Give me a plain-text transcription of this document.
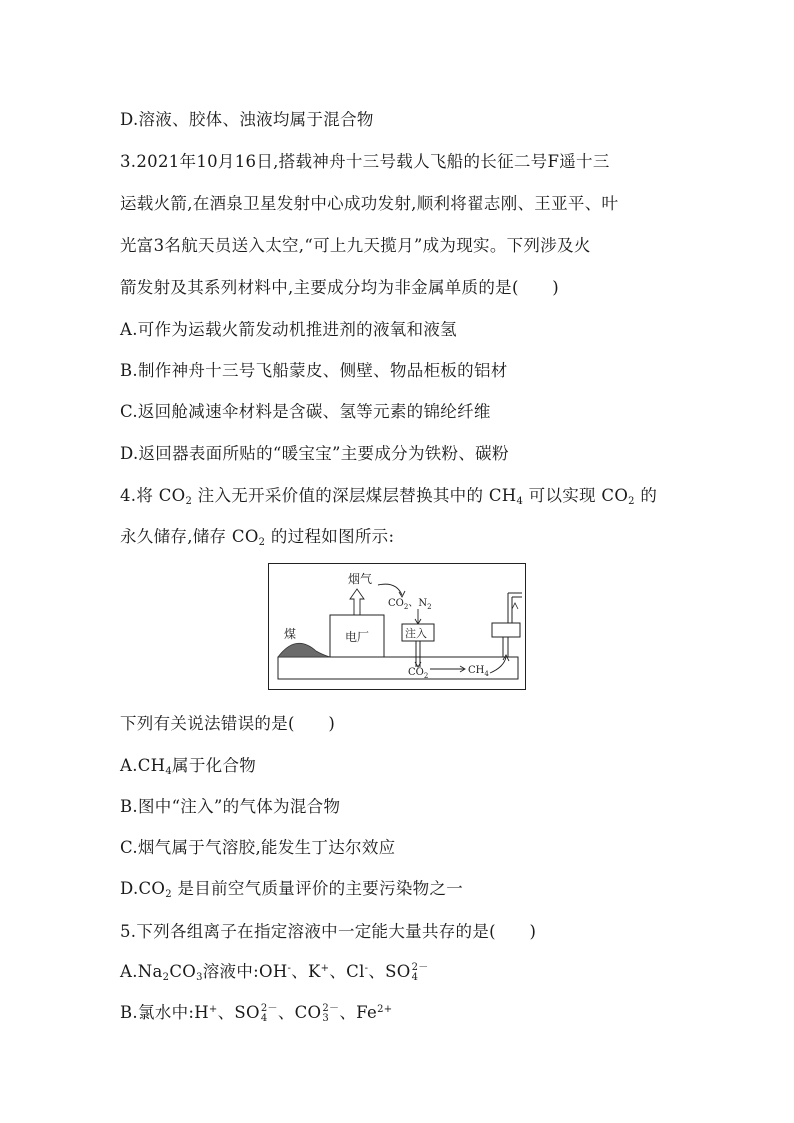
D.溶液、胶体、浊液均属于混合物
3.2021年10月16日,搭载神舟十三号载人飞船的长征二号F遥十三
运载火箭,在酒泉卫星发射中心成功发射,顺利将翟志刚、王亚平、叶
光富3名航天员送入太空,“可上九天揽月”成为现实。下列涉及火
箭发射及其系列材料中,主要成分均为非金属单质的是(　　)
A.可作为运载火箭发动机推进剂的液氧和液氢
B.制作神舟十三号飞船蒙皮、侧壁、物品柜板的铝材
C.返回舱减速伞材料是含碳、氢等元素的锦纶纤维
D.返回器表面所贴的“暖宝宝”主要成分为铁粉、碳粉
4.将 $CO_2$ 注入无开采价值的深层煤层替换其中的 $CH_4$ 可以实现 $CO_2$ 的
永久储存,储存 $CO_2$ 的过程如图所示:
烟气
$CO_2$、$N_2$
煤	电厂	注入
$CO_2$	$CH_4$
下列有关说法错误的是(　　)
$A.CH_4$属于化合物
B.图中“注入”的气体为混合物
C.烟气属于气溶胶,能发生丁达尔效应
$D.CO_2$ 是目前空气质量评价的主要污染物之一
5.下列各组离子在指定溶液中一定能大量共存的是(　　)
$A.Na_2CO_3$溶液中:OH-、K+、Cl-、SO 2－
4
B.氯水中:H+、SO 2－
4 、CO 2－
3 、$Fe^{2+}$
